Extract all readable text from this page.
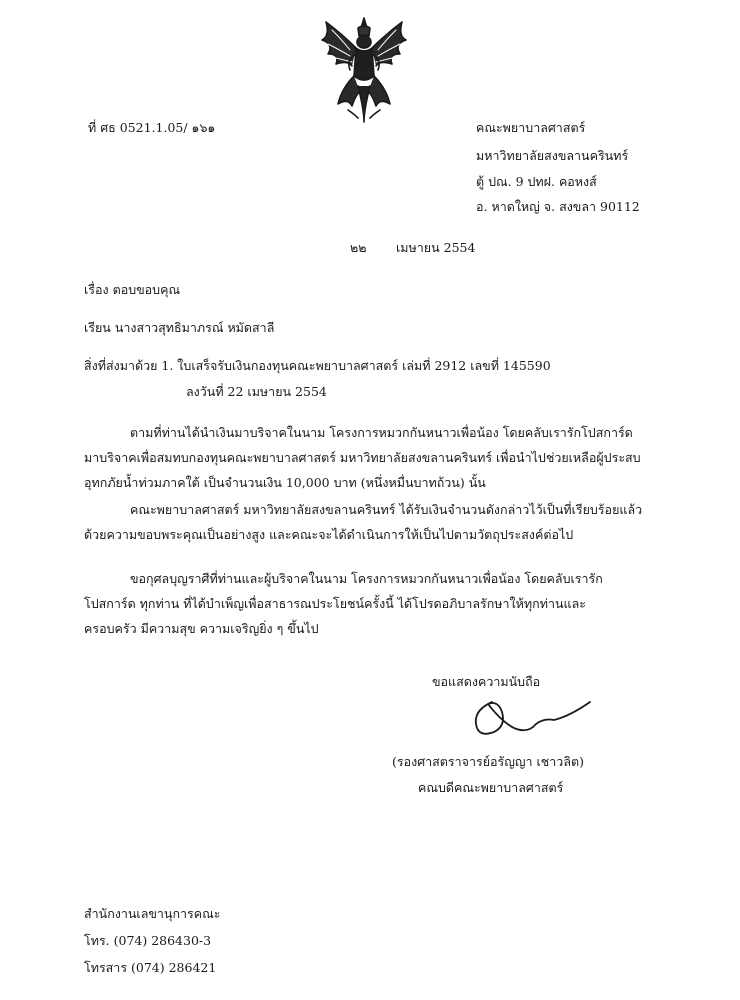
ที่ ศธ 0521.1.05/ ๑๖๑	คณะพยาบาลศาสตร์
มหาวิทยาลัยสงขลานครินทร์
ตู้ ปณ. 9 ปทฝ. คอหงส์
อ. หาดใหญ่ จ. สงขลา 90112
๒๒ เมษายน 2554
เรื่อง ตอบขอบคุณ
เรียน นางสาวสุทธิมาภรณ์ หมัดสาลี
สิ่งที่ส่งมาด้วย 1. ใบเสร็จรับเงินกองทุนคณะพยาบาลศาสตร์ เล่มที่ 2912 เลขที่ 145590
ลงวันที่ 22 เมษายน 2554
ตามที่ท่านได้นำเงินมาบริจาคในนาม โครงการหมวกกันหนาวเพื่อน้อง โดยคลับเรารักโปสการ์ด
มาบริจาคเพื่อสมทบกองทุนคณะพยาบาลศาสตร์ มหาวิทยาลัยสงขลานครินทร์ เพื่อนำไปช่วยเหลือผู้ประสบ
อุทกภัยน้ำท่วมภาคใต้ เป็นจำนวนเงิน 10,000 บาท (หนึ่งหมื่นบาทถ้วน) นั้น
คณะพยาบาลศาสตร์ มหาวิทยาลัยสงขลานครินทร์ ได้รับเงินจำนวนดังกล่าวไว้เป็นที่เรียบร้อยแล้ว
ด้วยความขอบพระคุณเป็นอย่างสูง และคณะจะได้ดำเนินการให้เป็นไปตามวัตถุประสงค์ต่อไป
ขอกุศลบุญราศีที่ท่านและผู้บริจาคในนาม โครงการหมวกกันหนาวเพื่อน้อง โดยคลับเรารัก
โปสการ์ด ทุกท่าน ที่ได้บำเพ็ญเพื่อสาธารณประโยชน์ครั้งนี้ ได้โปรดอภิบาลรักษาให้ทุกท่านและ
ครอบครัว มีความสุข ความเจริญยิ่ง ๆ ขึ้นไป
ขอแสดงความนับถือ
(รองศาสตราจารย์อรัญญา เชาวลิต)
คณบดีคณะพยาบาลศาสตร์
สำนักงานเลขานุการคณะ
โทร. (074) 286430-3
โทรสาร (074) 286421
